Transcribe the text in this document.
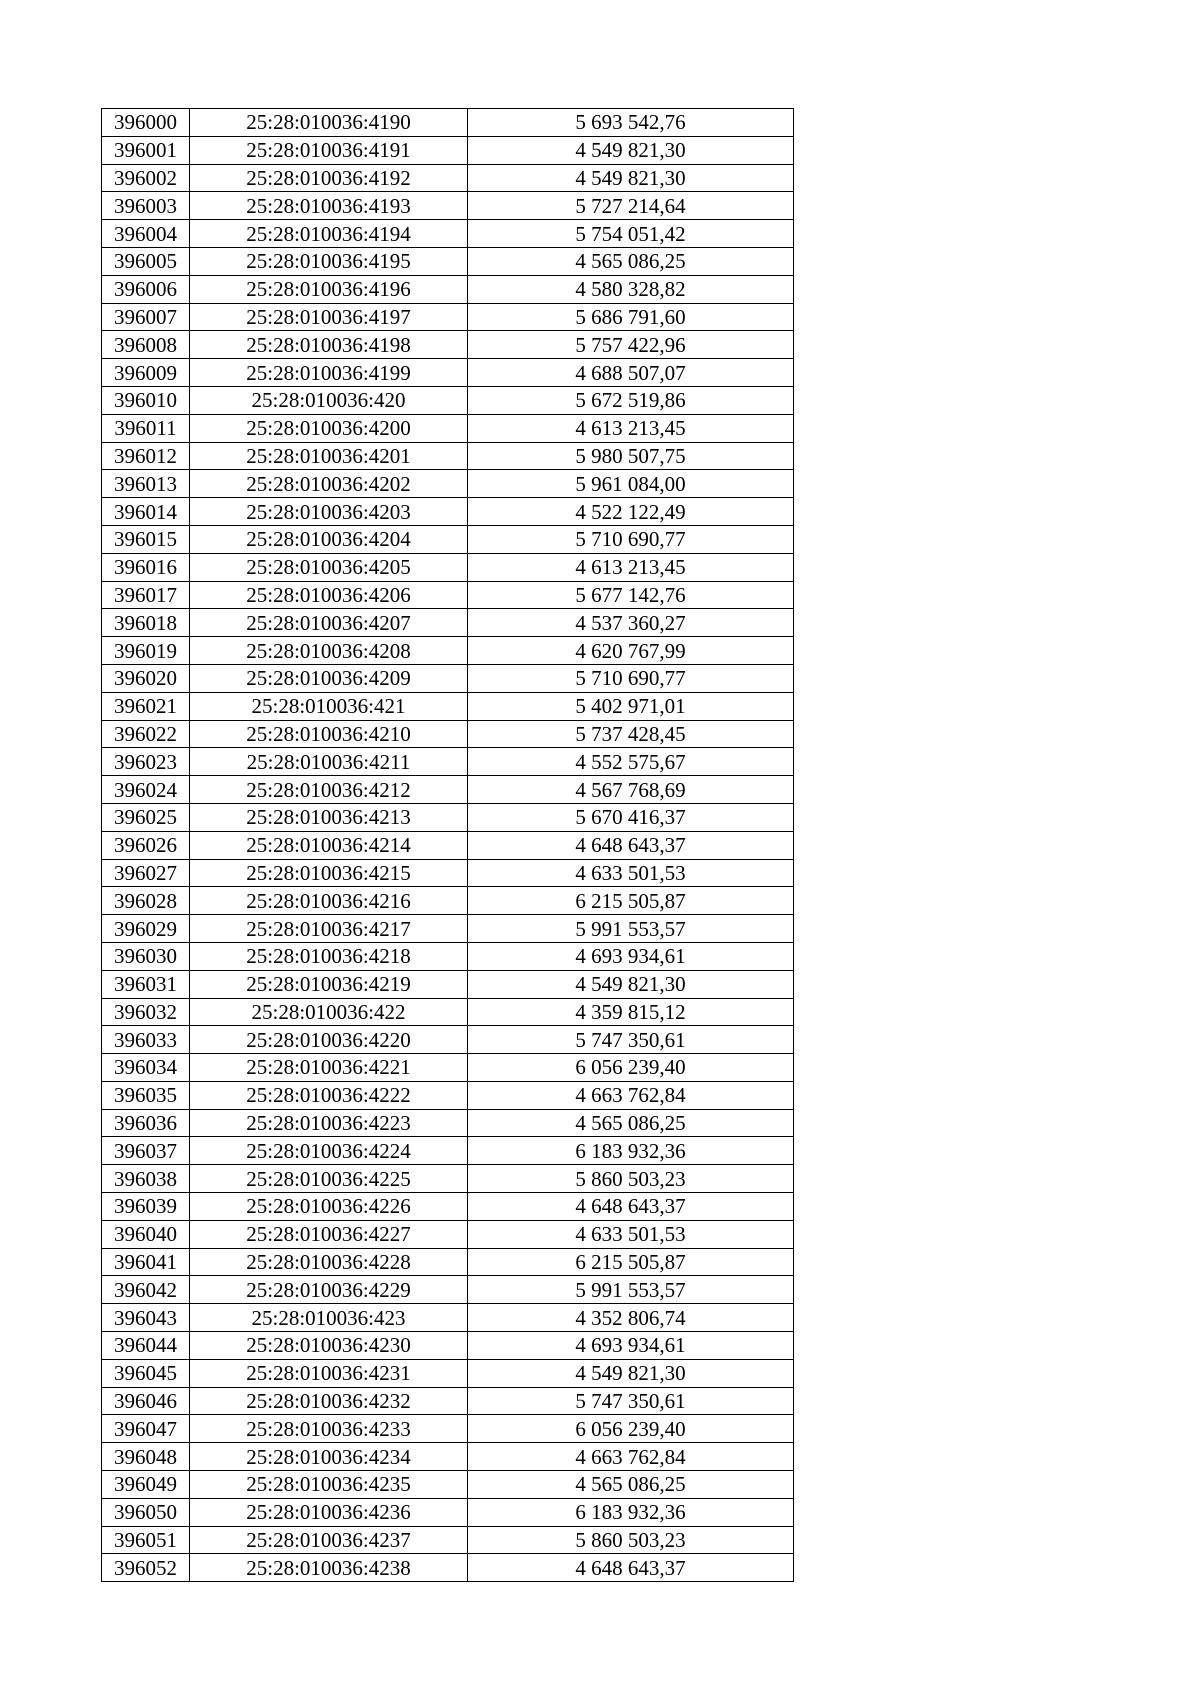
396000	25:28:010036:4190	5 693 542,76
396001	25:28:010036:4191	4 549 821,30
396002	25:28:010036:4192	4 549 821,30
396003	25:28:010036:4193	5 727 214,64
396004	25:28:010036:4194	5 754 051,42
396005	25:28:010036:4195	4 565 086,25
396006	25:28:010036:4196	4 580 328,82
396007	25:28:010036:4197	5 686 791,60
396008	25:28:010036:4198	5 757 422,96
396009	25:28:010036:4199	4 688 507,07
396010	25:28:010036:420	5 672 519,86
396011	25:28:010036:4200	4 613 213,45
396012	25:28:010036:4201	5 980 507,75
396013	25:28:010036:4202	5 961 084,00
396014	25:28:010036:4203	4 522 122,49
396015	25:28:010036:4204	5 710 690,77
396016	25:28:010036:4205	4 613 213,45
396017	25:28:010036:4206	5 677 142,76
396018	25:28:010036:4207	4 537 360,27
396019	25:28:010036:4208	4 620 767,99
396020	25:28:010036:4209	5 710 690,77
396021	25:28:010036:421	5 402 971,01
396022	25:28:010036:4210	5 737 428,45
396023	25:28:010036:4211	4 552 575,67
396024	25:28:010036:4212	4 567 768,69
396025	25:28:010036:4213	5 670 416,37
396026	25:28:010036:4214	4 648 643,37
396027	25:28:010036:4215	4 633 501,53
396028	25:28:010036:4216	6 215 505,87
396029	25:28:010036:4217	5 991 553,57
396030	25:28:010036:4218	4 693 934,61
396031	25:28:010036:4219	4 549 821,30
396032	25:28:010036:422	4 359 815,12
396033	25:28:010036:4220	5 747 350,61
396034	25:28:010036:4221	6 056 239,40
396035	25:28:010036:4222	4 663 762,84
396036	25:28:010036:4223	4 565 086,25
396037	25:28:010036:4224	6 183 932,36
396038	25:28:010036:4225	5 860 503,23
396039	25:28:010036:4226	4 648 643,37
396040	25:28:010036:4227	4 633 501,53
396041	25:28:010036:4228	6 215 505,87
396042	25:28:010036:4229	5 991 553,57
396043	25:28:010036:423	4 352 806,74
396044	25:28:010036:4230	4 693 934,61
396045	25:28:010036:4231	4 549 821,30
396046	25:28:010036:4232	5 747 350,61
396047	25:28:010036:4233	6 056 239,40
396048	25:28:010036:4234	4 663 762,84
396049	25:28:010036:4235	4 565 086,25
396050	25:28:010036:4236	6 183 932,36
396051	25:28:010036:4237	5 860 503,23
396052	25:28:010036:4238	4 648 643,37
